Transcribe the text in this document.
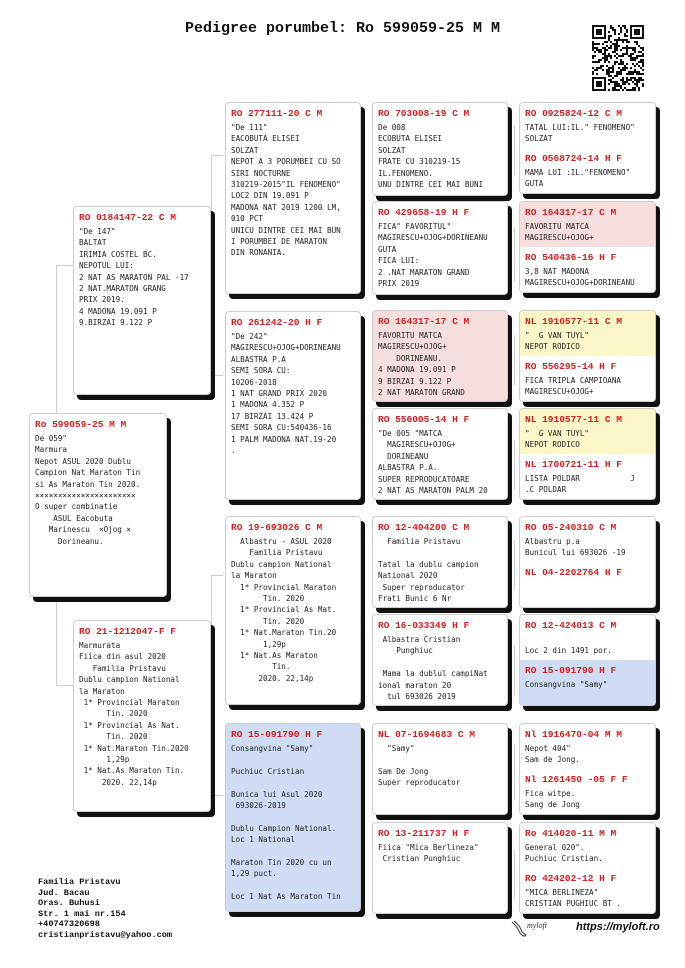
Pedigree porumbel: Ro 599059-25 M M
Ro 599059-25 M M
De 059"
Marmura
Nepot ASUL 2020 Dublu
Campion Nat Maraton Tin
si As Maraton Tin 2020.
××××××××××××××××××××××
O super combinatie
ASUL Eacobuta
Marinescu  ×Ojog ×
Dorineanu.
RO 0184147-22 C M
"De 147"
BALTAT
IRIMIA COSTEL BC.
NEPOTUL LUI:
2 NAT AS MARATON PAL -17
2 NAT.MARATON GRANG
PRIX 2019.
4 MADONA 19.091 P
9.BIRZAI 9.122 P
RO 21-1212047-F F
Marmurata
Fiica din asul 2020
Familia Pristavu
Dublu campion National
la Maraton
1* Provincial Maraton
Tin. 2020
1* Provincial As Nat.
Tin. 2020
1* Nat.Maraton Tin.2020
1,29p
1* Nat.As Maraton Tin.
2020. 22,14p
RO 277111-20 C M
"De 111"
EACOBUTA ELISEI
SOLZAT
NEPOT A 3 PORUMBEI CU SO
SIRI NOCTURNE
310219-2015"IL FENOMENO"
LOC2 DIN 19.091 P
MADONA NAT 2019 1200 LM,
010 PCT
UNICU DINTRE CEI MAI BUN
I PORUMBEI DE MARATON
DIN RONANIA.
RO 261242-20 H F
"De 242"
MAGIRESCU+OJOG+DORINEANU
ALBASTRA P.A
SEMI SORA CU:
10206-2018
1 NAT GRAND PRIX 2020
1 MADONA 4.352 P
17 BIRZAI 13.424 P
SEMI SORA CU:540436-16
1 PALM MADONA NAT.19-20
.
RO 19-693026 C M
Albastru - ASUL 2020
Familia Pristavu
Dublu campion National
la Maraton
1* Provincial Maraton
Tin. 2020
1* Provincial As Mat.
Tin. 2020
1* Nat.Maraton Tin.20
1,29p
1* Nat.As Maraton
Tin.
2020. 22,14p
RO 15-091790 H F
Consangvina "Samy"

Puchiuc Cristian

Bunica lui Asul 2020
693026-2019

Dublu Campion National.
Loc 1 National

Maraton Tin 2020 cu un
1,29 puct.

Loc 1 Nat As Maraton Tin
RO 703008-19 C M
De 008
ECOBUTA ELISEI
SOLZAT
FRATE CU 310219-15
IL.FENOMENO.
UNU DINTRE CEI MAI BUNI
RO 429658-19 H F
FICA" FAVORITUL"
MAGIRESCU+OJOG+DORINEANU
GUTA
FICA LUI:
2 .NAT MARATON GRAND
PRIX 2019
RO 164317-17 C M
FAVORITU MATCA
MAGIRESCU+OJOG+
DORINEANU.
4 MADONA 19.091 P
9 BIRZAI 9.122 P
2 NAT MARATON GRAND
RO 556005-14 H F
"De 005 "MATCA
MAGIRESCU+OJOG+
DORINEANU
ALBASTRA P.A.
SUPER REPRODUCATOARE
2 NAT AS MARATON PALM 20
RO 12-404200 C M
Familia Pristavu

Tatal la dublu campion
National 2020
Super reproducator
Frati Bunic 6 Nr
RO 16-033349 H F
Albastra Cristian
Punghiuc

Mama la dublul campiNat
ional maraton 20
tul 693026 2019
NL 07-1694683 C M
"Samy"

Sam De Jong
Super reproducator
RO 13-211737 H F
Fiica "Mica Berlineza"
Cristian Punghiuc
RO 0925824-12 C M
TATAL LUI:IL." FENOMENO"
SOLZAT
RO 0568724-14 H F
MAMA LUI :IL."FENOMENO"
GUTA
RO 164317-17 C M
FAVORITU MATCA
MAGIRESCU+OJOG+
RO 540436-16 H F
3,8 NAT MADONA
MAGIRESCU+OJOG+DORINEANU
NL 1910577-11 C M
"  G VAN TUYL"
NEPOT RODICO
RO 556295-14 H F
FICA TRIPLA CAMPIOANA
MAGIRESCU+OJOG+
NL 1910577-11 C M
"  G VAN TUYL"
NEPOT RODICO
NL 1700721-11 H F
LISTA POLDAR           J
.C POLDAR
RO 05-240310 C M
Albastru p.a
Bunicul lui 693026 -19
NL 04-2202764 H F
RO 12-424013 C M

Loc 2 din 1491 por.
RO 15-091790 H F
Consangvina "Samy"
Nl 1916470-04 M M
Nepot 404"
Sam de Jong.
Nl 1261450 -05 F F
Fica witpe.
Sang de Jong
Ro 414020-11 M M
General 020".
Puchiuc Cristian.
RO 424202-12 H F
"MICA BERLINEZA"
CRISTIAN PUGHIUC BT .
Familia Pristavu
Jud. Bacau
Oras. Buhusi
Str. 1 mai nr.154
+40747320698
cristianpristavu@yahoo.com
myloft	https://myloft.ro
